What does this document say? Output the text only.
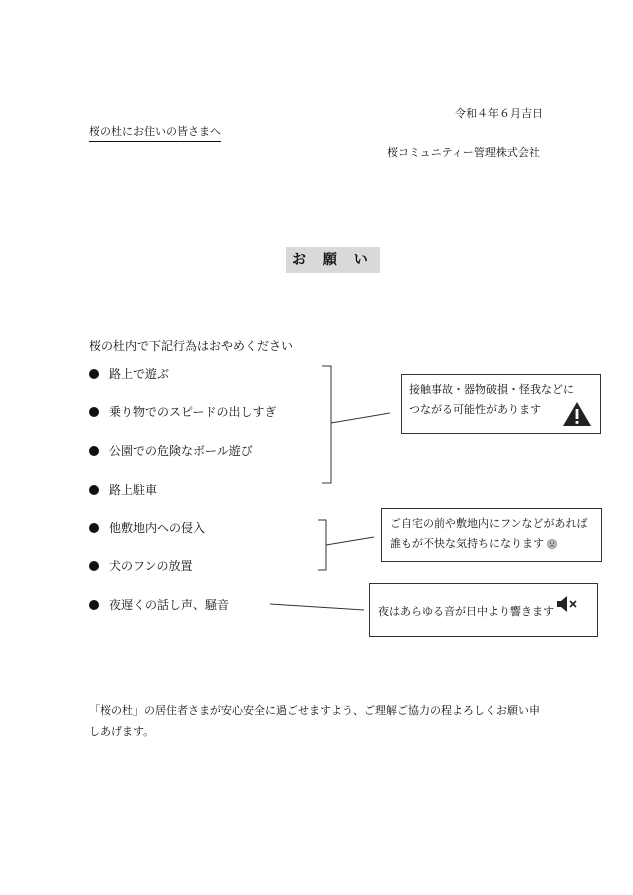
令和４年６月吉日
桜の杜にお住いの皆さまへ
桜コミュニティー管理株式会社
お 願 い
桜の杜内で下記行為はおやめください
路上で遊ぶ
乗り物でのスピードの出しすぎ
公園での危険なボール遊び
路上駐車
他敷地内への侵入
犬のフンの放置
夜遅くの話し声、騒音
接触事故・器物破損・怪我などに
つながる可能性があります
ご自宅の前や敷地内にフンなどがあれば
誰もが不快な気持ちになります
夜はあらゆる音が日中より響きます
「桜の杜」の居住者さまが安心安全に過ごせますよう、ご理解ご協力の程よろしくお願い申しあげます。
